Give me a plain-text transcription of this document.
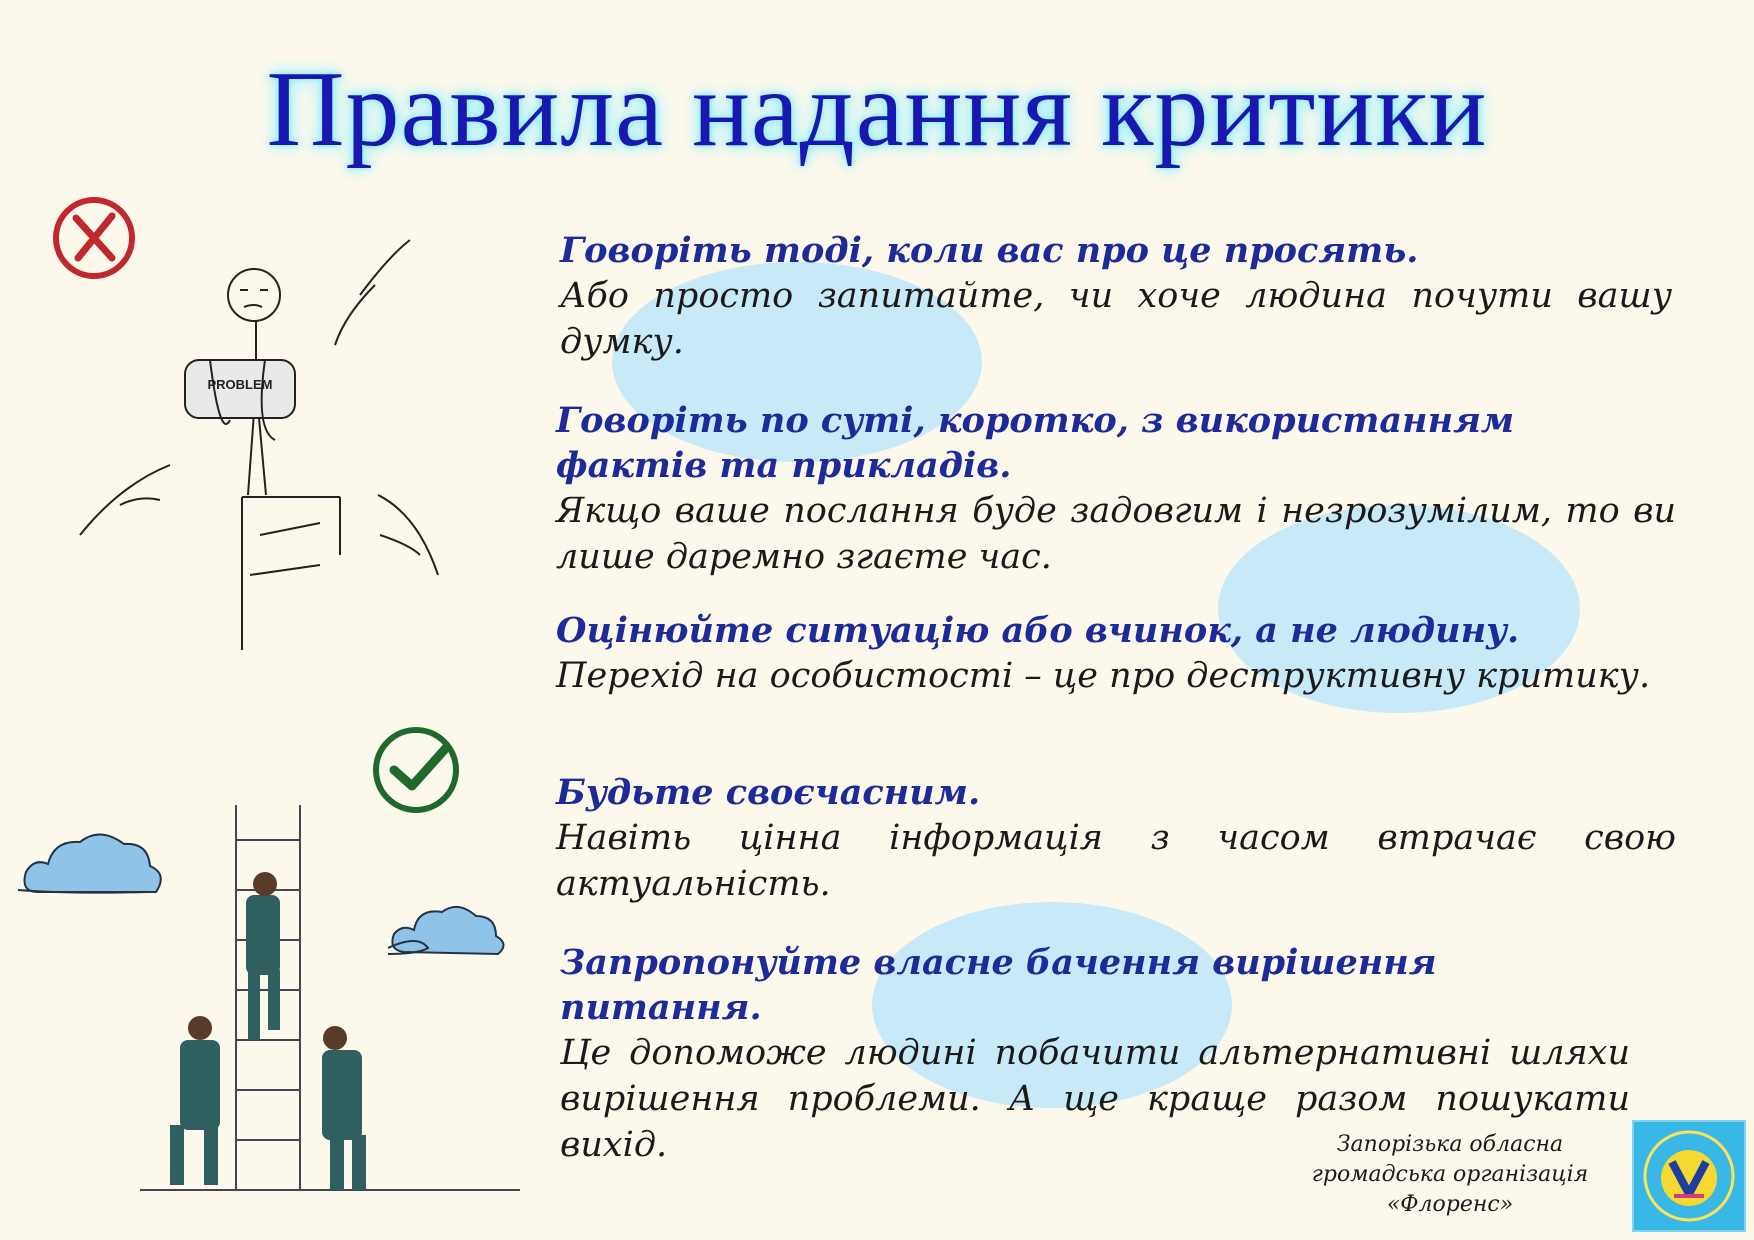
Правила надання критики
Говоріть тоді, коли вас про це просять.
Або просто запитайте, чи хоче людина почути вашу думку.
Говоріть по суті, коротко, з використанням фактів та прикладів.
Якщо ваше послання буде задовгим і незрозумілим, то ви лише даремно згаєте час.
Оцінюйте ситуацію або вчинок, а не людину.
Перехід на особистості – це про деструктивну критику.
Будьте своєчасним.
Навіть цінна інформація з часом втрачає свою актуальність.
Запропонуйте власне бачення вирішення питання.
Це допоможе людині побачити альтернативні шляхи вирішення проблеми. А ще краще разом пошукати вихід.
PROBLEM
Запорізька обласна
громадська організація
«Флоренс»
